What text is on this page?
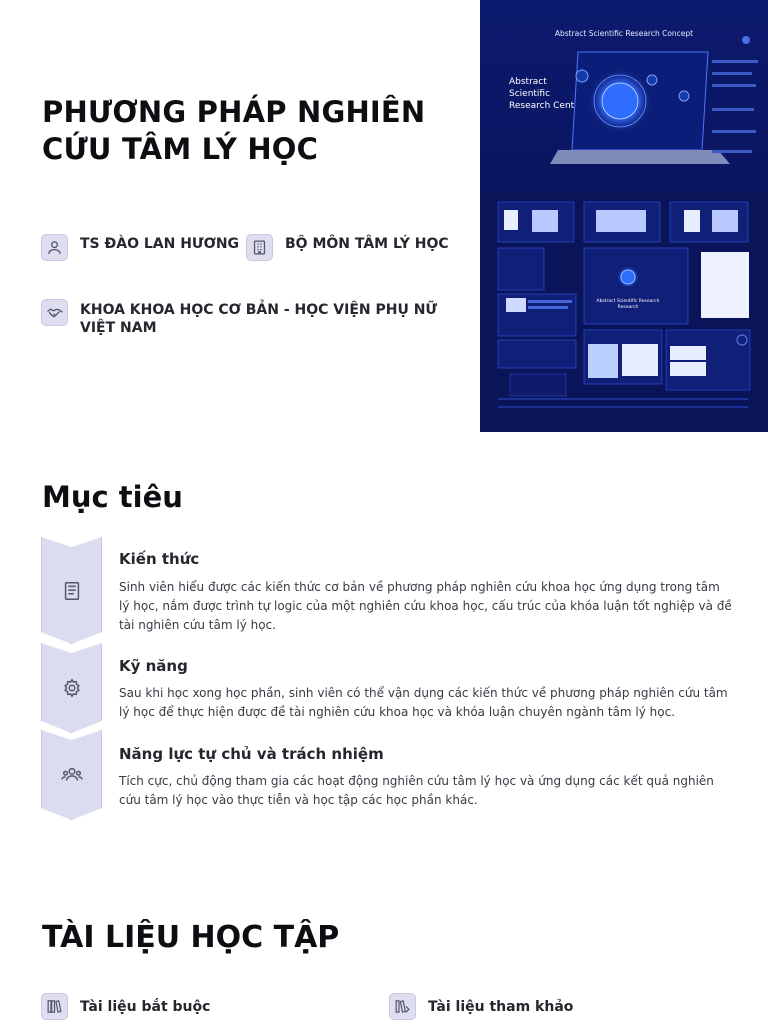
PHƯƠNG PHÁP NGHIÊN CỨU TÂM LÝ HỌC
TS ĐÀO LAN HƯƠNG	BỘ MÔN TÂM LÝ HỌC
KHOA KHOA HỌC CƠ BẢN - HỌC VIỆN PHỤ NỮ VIỆT NAM
Abstract Scientific Research Concept
Abstract
Scientific
Research Cent
Abstract Scientific Research
Research
Mục tiêu
Kiến thức

Sinh viên hiểu được các kiến thức cơ bản về phương pháp nghiên cứu khoa học ứng dụng trong tâm lý học, nắm được trình tự logic của một nghiên cứu khoa học, cấu trúc của khóa luận tốt nghiệp và đề tài nghiên cứu tâm lý học.

Kỹ năng

Sau khi học xong học phần, sinh viên có thể vận dụng các kiến thức về phương pháp nghiên cứu tâm lý học để thực hiện được đề tài nghiên cứu khoa học và khóa luận chuyên ngành tâm lý học.

Năng lực tự chủ và trách nhiệm

Tích cực, chủ động tham gia các hoạt động nghiên cứu tâm lý học và ứng dụng các kết quả nghiên cứu tâm lý học vào thực tiễn và học tập các học phần khác.

TÀI LIỆU HỌC TẬP
Tài liệu bắt buộc	Tài liệu tham khảo
